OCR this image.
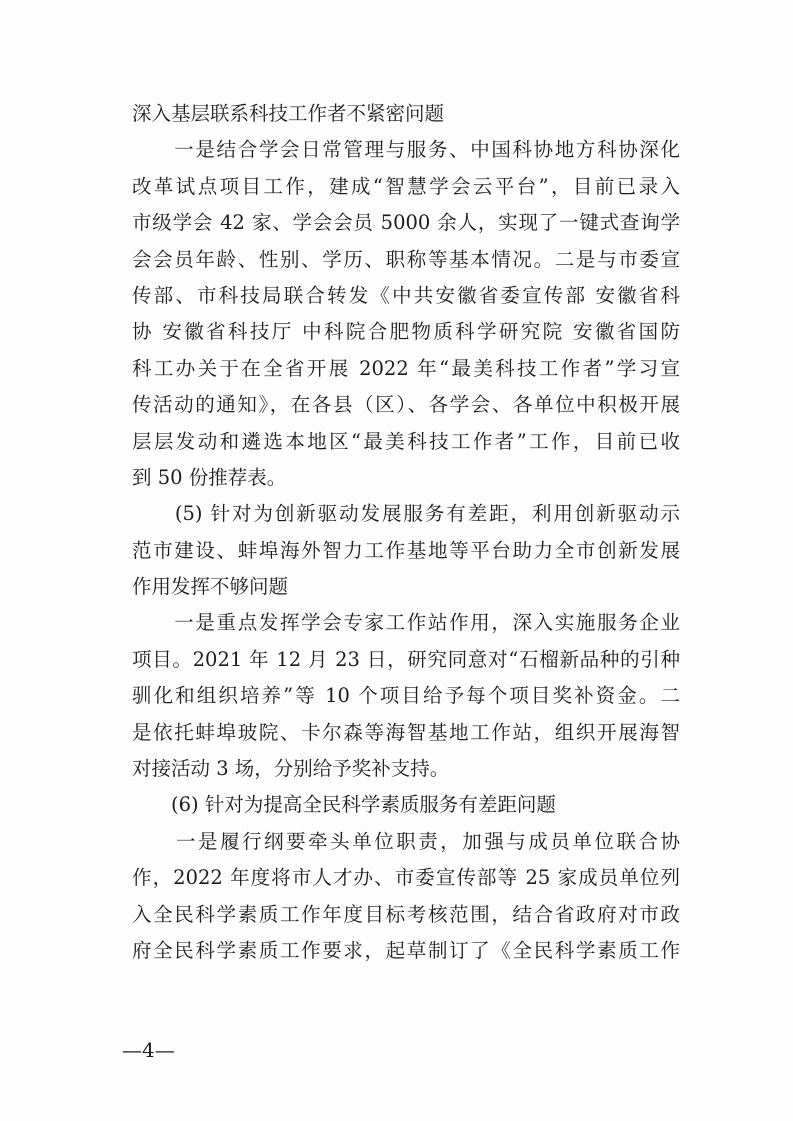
深入基层联系科技工作者不紧密问题
　　一是结合学会日常管理与服务、中国科协地方科协深化
改革试点项目工作，建成“智慧学会云平台”，目前已录入
市级学会 42 家、学会会员 5000 余人，实现了一键式查询学
会会员年龄、性别、学历、职称等基本情况。二是与市委宣
传部、市科技局联合转发《中共安徽省委宣传部 安徽省科
协 安徽省科技厅 中科院合肥物质科学研究院 安徽省国防
科工办关于在全省开展 2022 年“最美科技工作者”学习宣
传活动的通知》，在各县（区）、各学会、各单位中积极开展
层层发动和遴选本地区“最美科技工作者”工作，目前已收
到 50 份推荐表。
　　(5) 针对为创新驱动发展服务有差距，利用创新驱动示
范市建设、蚌埠海外智力工作基地等平台助力全市创新发展
作用发挥不够问题
　　一是重点发挥学会专家工作站作用，深入实施服务企业
项目。2021 年 12 月 23 日，研究同意对“石榴新品种的引种
驯化和组织培养”等 10 个项目给予每个项目奖补资金。二
是依托蚌埠玻院、卡尔森等海智基地工作站，组织开展海智
对接活动 3 场，分别给予奖补支持。
　　(6) 针对为提高全民科学素质服务有差距问题
　　一是履行纲要牵头单位职责，加强与成员单位联合协
作，2022 年度将市人才办、市委宣传部等 25 家成员单位列
入全民科学素质工作年度目标考核范围，结合省政府对市政
府全民科学素质工作要求，起草制订了《全民科学素质工作
—4—
